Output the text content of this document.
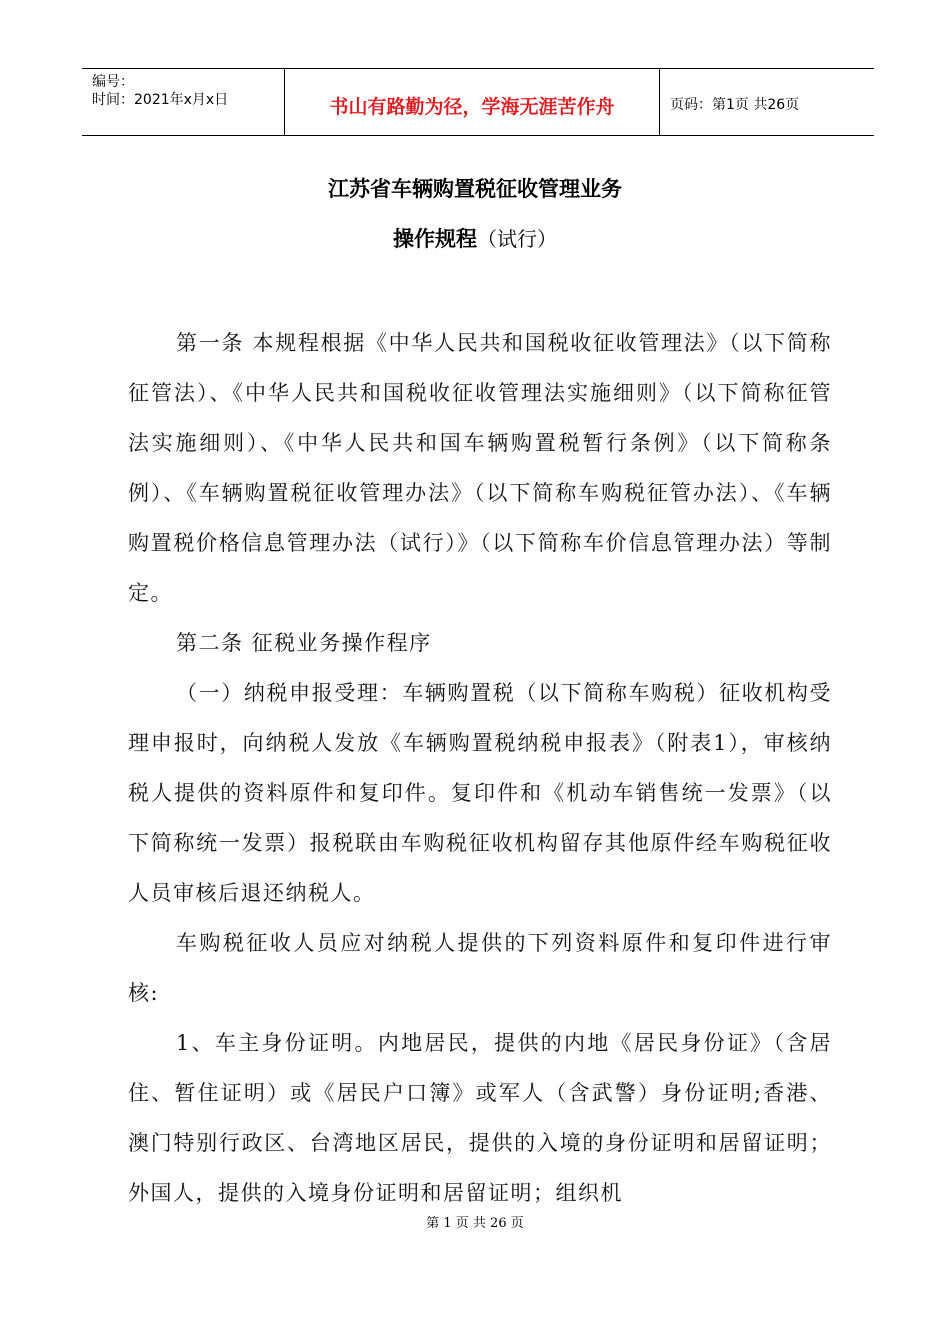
编号：
时间：2021年x月x日	书山有路勤为径，学海无涯苦作舟	页码：第1页 共26页
江苏省车辆购置税征收管理业务
操作规程（试行）

第一条 本规程根据《中华人民共和国税收征收管理法》（以下简称征管法）、《中华人民共和国税收征收管理法实施细则》（以下简称征管法实施细则）、《中华人民共和国车辆购置税暂行条例》（以下简称条例）、《车辆购置税征收管理办法》（以下简称车购税征管办法）、《车辆购置税价格信息管理办法（试行）》（以下简称车价信息管理办法）等制定。

第二条 征税业务操作程序

（一）纳税申报受理：车辆购置税（以下简称车购税）征收机构受理申报时，向纳税人发放《车辆购置税纳税申报表》（附表1），审核纳税人提供的资料原件和复印件。复印件和《机动车销售统一发票》（以下简称统一发票）报税联由车购税征收机构留存其他原件经车购税征收人员审核后退还纳税人。

车购税征收人员应对纳税人提供的下列资料原件和复印件进行审核:

1、车主身份证明。内地居民，提供的内地《居民身份证》（含居住、暂住证明）或《居民户口簿》或军人（含武警）身份证明;香港、澳门特别行政区、台湾地区居民，提供的入境的身份证明和居留证明；外国人，提供的入境身份证明和居留证明；组织机

第 1 页 共 26 页
